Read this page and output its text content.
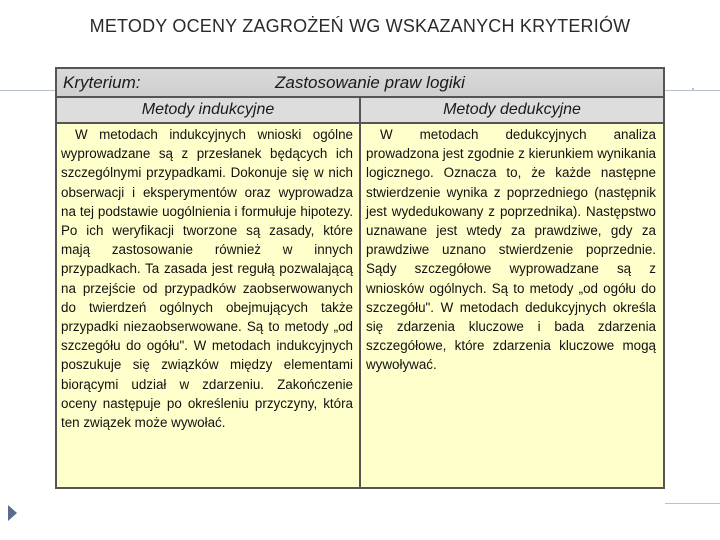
METODY OCENY ZAGROŻEŃ WG WSKAZANYCH KRYTERIÓW
Kryterium:	Zastosowanie praw logiki
Metody indukcyjne	Metody dedukcyjne
W metodach indukcyjnych wnioski ogólne wyprowadzane są z przesłanek będących ich szczególnymi przypadkami. Dokonuje się w nich obserwacji i eksperymentów oraz wyprowadza na tej podstawie uogólnienia i formułuje hipotezy. Po ich weryfikacji tworzone są zasady, które mają zastosowanie również w innych przypadkach. Ta zasada jest regułą pozwalającą na przejście od przypadków zaobserwowanych do twierdzeń ogólnych obejmujących także przypadki niezaobserwowane. Są to metody „od szczegółu do ogółu". W metodach indukcyjnych poszukuje się związków między elementami biorącymi udział w zdarzeniu. Zakończenie oceny następuje po określeniu przyczyny, która ten związek może wywołać.
W metodach dedukcyjnych analiza prowadzona jest zgodnie z kierunkiem wynikania logicznego. Oznacza to, że każde następne stwierdzenie wynika z poprzedniego (następnik jest wydedukowany z poprzednika). Następstwo uznawane jest wtedy za prawdziwe, gdy za prawdziwe uznano stwierdzenie poprzednie. Sądy szczegółowe wyprowadzane są z wniosków ogólnych. Są to metody „od ogółu do szczegółu". W metodach dedukcyjnych określa się zdarzenia kluczowe i bada zdarzenia szczegółowe, które zdarzenia kluczowe mogą wywoływać.
